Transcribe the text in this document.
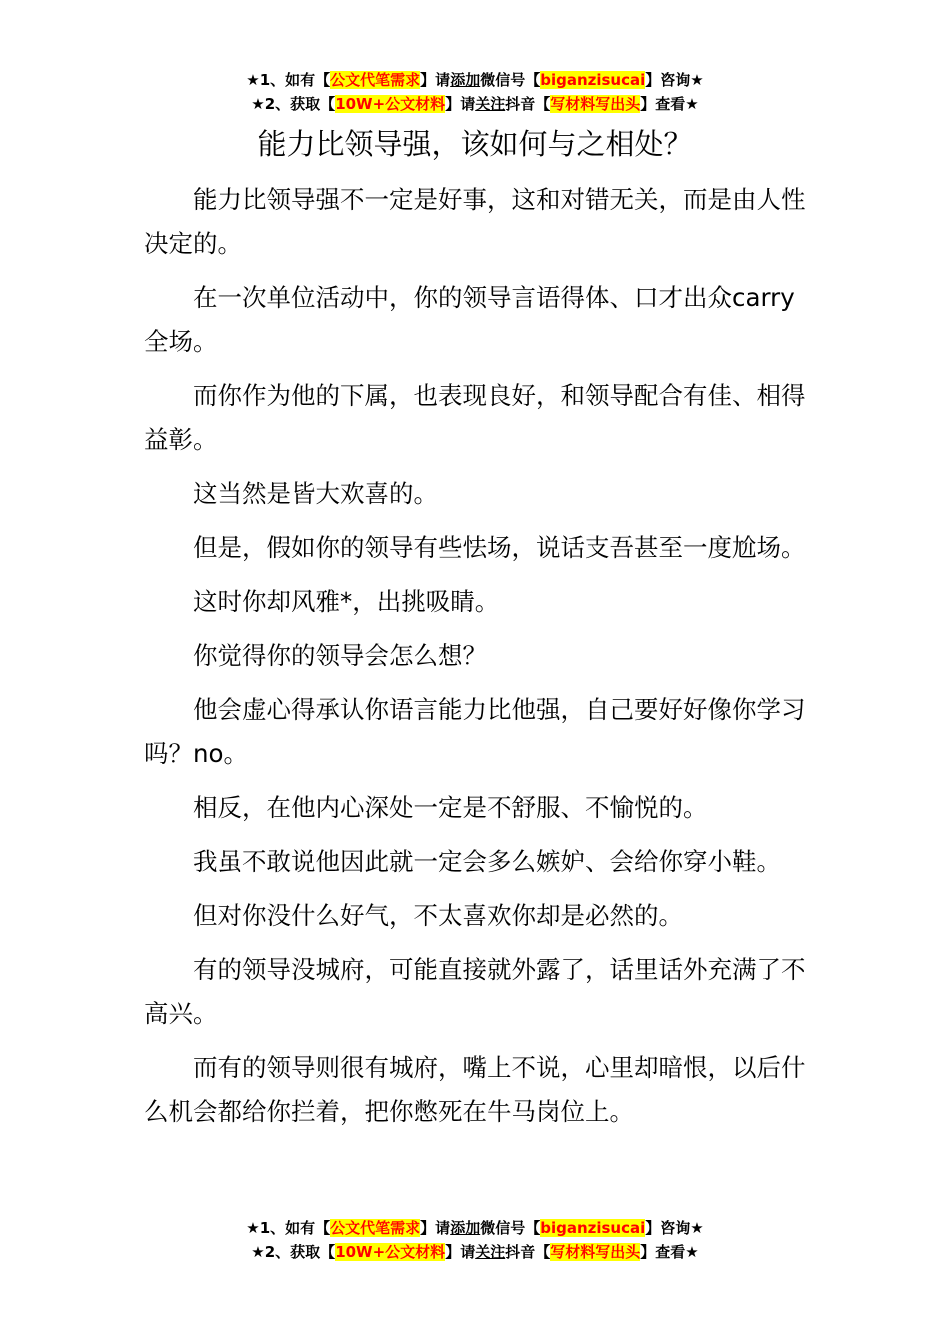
★1、如有【公文代笔需求】请添加微信号【biganzisucai】咨询★
★2、获取【10W+公文材料】请关注抖音【写材料写出头】查看★
能力比领导强，该如何与之相处？

能力比领导强不一定是好事，这和对错无关，而是由人性决定的。

在一次单位活动中，你的领导言语得体、口才出众carry全场。

而你作为他的下属，也表现良好，和领导配合有佳、相得益彰。

这当然是皆大欢喜的。

但是，假如你的领导有些怯场，说话支吾甚至一度尬场。

这时你却风雅*，出挑吸睛。

你觉得你的领导会怎么想？

他会虚心得承认你语言能力比他强，自己要好好像你学习吗？no。

相反，在他内心深处一定是不舒服、不愉悦的。

我虽不敢说他因此就一定会多么嫉妒、会给你穿小鞋。

但对你没什么好气，不太喜欢你却是必然的。

有的领导没城府，可能直接就外露了，话里话外充满了不高兴。

而有的领导则很有城府，嘴上不说，心里却暗恨，以后什么机会都给你拦着，把你憋死在牛马岗位上。

★1、如有【公文代笔需求】请添加微信号【biganzisucai】咨询★
★2、获取【10W+公文材料】请关注抖音【写材料写出头】查看★
